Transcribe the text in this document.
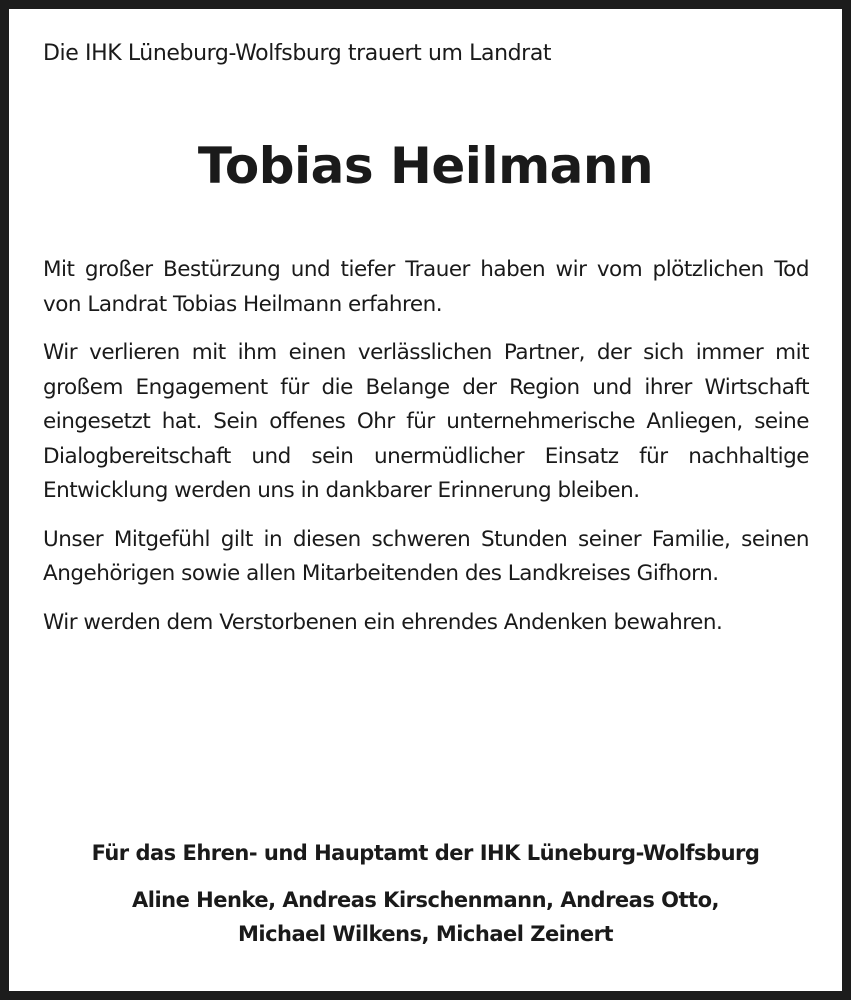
Die IHK Lüneburg-Wolfsburg trauert um Landrat
Tobias Heilmann

Mit großer Bestürzung und tiefer Trauer haben wir vom plötzlichen Tod von Landrat Tobias Heilmann erfahren.

Wir verlieren mit ihm einen verlässlichen Partner, der sich immer mit großem Engagement für die Belange der Region und ihrer Wirtschaft eingesetzt hat. Sein offenes Ohr für unternehmerische Anliegen, seine Dialogbereitschaft und sein unermüdlicher Einsatz für nachhaltige Entwicklung werden uns in dankbarer Erinnerung bleiben.

Unser Mitgefühl gilt in diesen schweren Stunden seiner Familie, seinen Angehörigen sowie allen Mitarbeitenden des Landkreises Gifhorn.

Wir werden dem Verstorbenen ein ehrendes Andenken bewahren.

Für das Ehren- und Hauptamt der IHK Lüneburg-Wolfsburg
Aline Henke, Andreas Kirschenmann, Andreas Otto,
Michael Wilkens, Michael Zeinert
